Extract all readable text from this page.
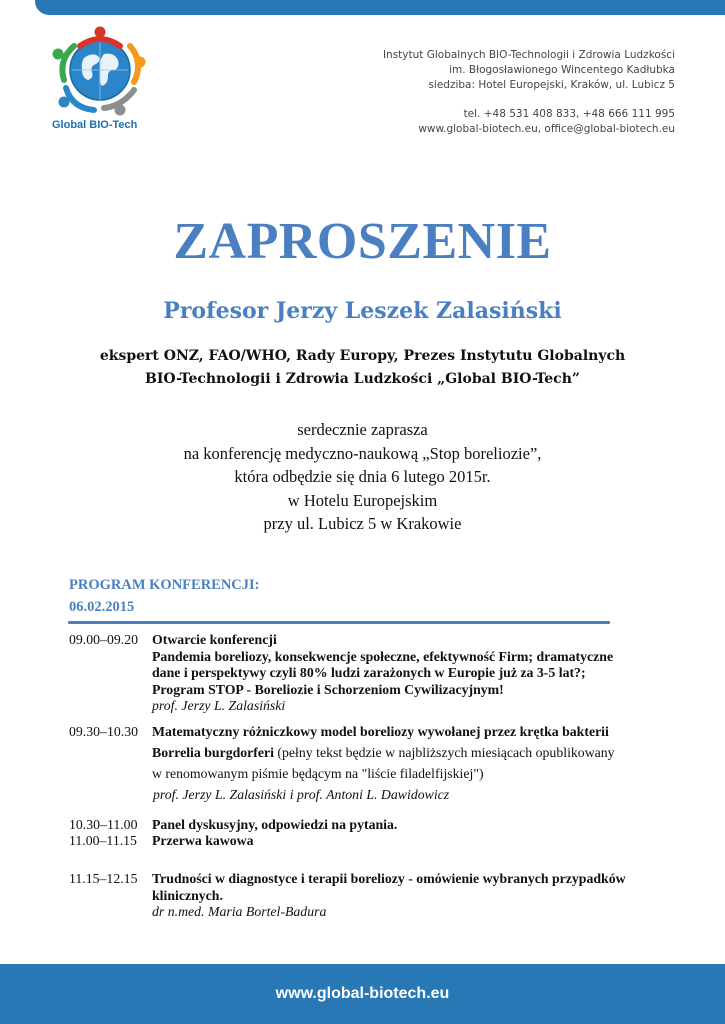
Global BIO-Tech
Instytut Globalnych BIO-Technologii i Zdrowia Ludzkości
im. Błogosławionego Wincentego Kadłubka
siedziba: Hotel Europejski, Kraków, ul. Lubicz 5
tel. +48 531 408 833, +48 666 111 995
www.global-biotech.eu, office@global-biotech.eu
ZAPROSZENIE
Profesor Jerzy Leszek Zalasiński
ekspert ONZ, FAO/WHO, Rady Europy, Prezes Instytutu Globalnych
BIO-Technologii i Zdrowia Ludzkości „Global BIO-Tech”
serdecznie zaprasza
na konferencję medyczno-naukową „Stop boreliozie”,
która odbędzie się dnia 6 lutego 2015r.
w Hotelu Europejskim
przy ul. Lubicz 5 w Krakowie
PROGRAM KONFERENCJI:
06.02.2015
09.00–09.20 Otwarcie konferencji
Pandemia boreliozy, konsekwencje społeczne, efektywność Firm; dramatyczne
dane i perspektywy czyli 80% ludzi zarażonych w Europie już za 3-5 lat?;
Program STOP - Boreliozie i Schorzeniom Cywilizacyjnym!
prof. Jerzy L. Zalasiński
09.30–10.30 Matematyczny różniczkowy model boreliozy wywołanej przez krętka bakterii
Borrelia burgdorferi (pełny tekst będzie w najbliższych miesiącach opublikowany
w renomowanym piśmie będącym na "liście filadelfijskiej")
prof. Jerzy L. Zalasiński i prof. Antoni L. Dawidowicz
10.30–11.00 Panel dyskusyjny, odpowiedzi na pytania.
11.00–11.15 Przerwa kawowa
11.15–12.15 Trudności w diagnostyce i terapii boreliozy - omówienie wybranych przypadków
klinicznych.
dr n.med. Maria Bortel-Badura
www.global-biotech.eu
